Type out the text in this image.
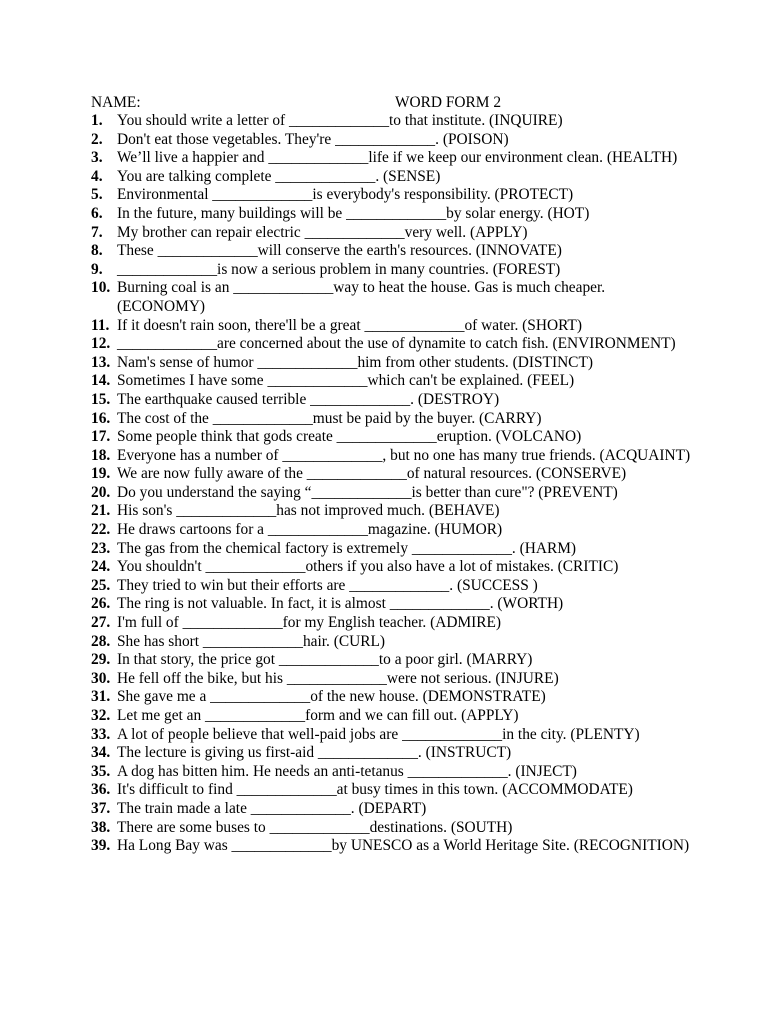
NAME:	WORD FORM 2
1. You should write a letter of _____________to that institute. (INQUIRE)
2. Don't eat those vegetables. They're _____________. (POISON)
3. We’ll live a happier and _____________life if we keep our environment clean. (HEALTH)
4. You are talking complete _____________. (SENSE)
5. Environmental _____________is everybody's responsibility. (PROTECT)
6. In the future, many buildings will be _____________by solar energy. (HOT)
7. My brother can repair electric _____________very well. (APPLY)
8. These _____________will conserve the earth's resources. (INNOVATE)
9. _____________is now a serious problem in many countries. (FOREST)
10. Burning coal is an _____________way to heat the house. Gas is much cheaper. (ECONOMY)
11. If it doesn't rain soon, there'll be a great _____________of water. (SHORT)
12. _____________are concerned about the use of dynamite to catch fish. (ENVIRONMENT)
13. Nam's sense of humor _____________him from other students. (DISTINCT)
14. Sometimes I have some _____________which can't be explained. (FEEL)
15. The earthquake caused terrible _____________. (DESTROY)
16. The cost of the _____________must be paid by the buyer. (CARRY)
17. Some people think that gods create _____________eruption. (VOLCANO)
18. Everyone has a number of _____________, but no one has many true friends. (ACQUAINT)
19. We are now fully aware of the _____________of natural resources. (CONSERVE)
20. Do you understand the saying “_____________is better than cure"? (PREVENT)
21. His son's _____________has not improved much. (BEHAVE)
22. He draws cartoons for a _____________magazine. (HUMOR)
23. The gas from the chemical factory is extremely _____________. (HARM)
24. You shouldn't _____________others if you also have a lot of mistakes. (CRITIC)
25. They tried to win but their efforts are _____________. (SUCCESS )
26. The ring is not valuable. In fact, it is almost _____________. (WORTH)
27. I'm full of _____________for my English teacher. (ADMIRE)
28. She has short _____________hair. (CURL)
29. In that story, the price got _____________to a poor girl. (MARRY)
30. He fell off the bike, but his _____________were not serious. (INJURE)
31. She gave me a _____________of the new house. (DEMONSTRATE)
32. Let me get an _____________form and we can fill out. (APPLY)
33. A lot of people believe that well-paid jobs are _____________in the city. (PLENTY)
34. The lecture is giving us first-aid _____________. (INSTRUCT)
35. A dog has bitten him. He needs an anti-tetanus _____________. (INJECT)
36. It's difficult to find _____________at busy times in this town. (ACCOMMODATE)
37. The train made a late _____________. (DEPART)
38. There are some buses to _____________destinations. (SOUTH)
39. Ha Long Bay was _____________by UNESCO as a World Heritage Site. (RECOGNITION)
